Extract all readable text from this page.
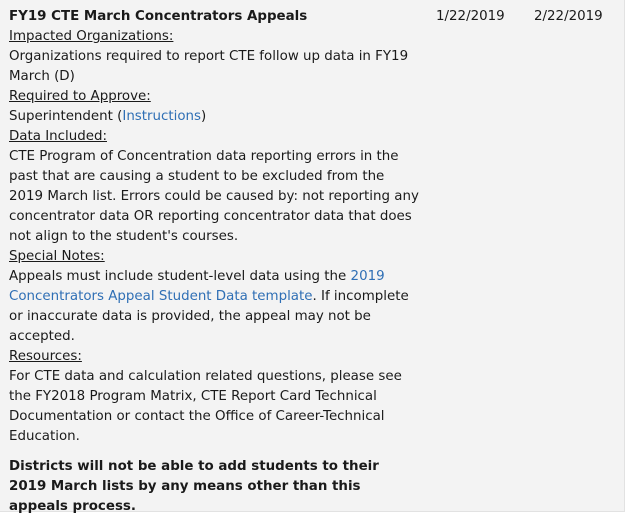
FY19 CTE March Concentrators Appeals
Impacted Organizations:
Organizations required to report CTE follow up data in FY19 March (D)
Required to Approve:
Superintendent (Instructions)
Data Included:
CTE Program of Concentration data reporting errors in the past that are causing a student to be excluded from the 2019 March list. Errors could be caused by: not reporting any concentrator data OR reporting concentrator data that does not align to the student's courses.
Special Notes:
Appeals must include student-level data using the 2019 Concentrators Appeal Student Data template. If incomplete or inaccurate data is provided, the appeal may not be accepted.
Resources:
For CTE data and calculation related questions, please see the FY2018 Program Matrix, CTE Report Card Technical Documentation or contact the Office of Career-Technical Education.
Districts will not be able to add students to their 2019 March lists by any means other than this appeals process.
1/22/2019 2/22/2019
